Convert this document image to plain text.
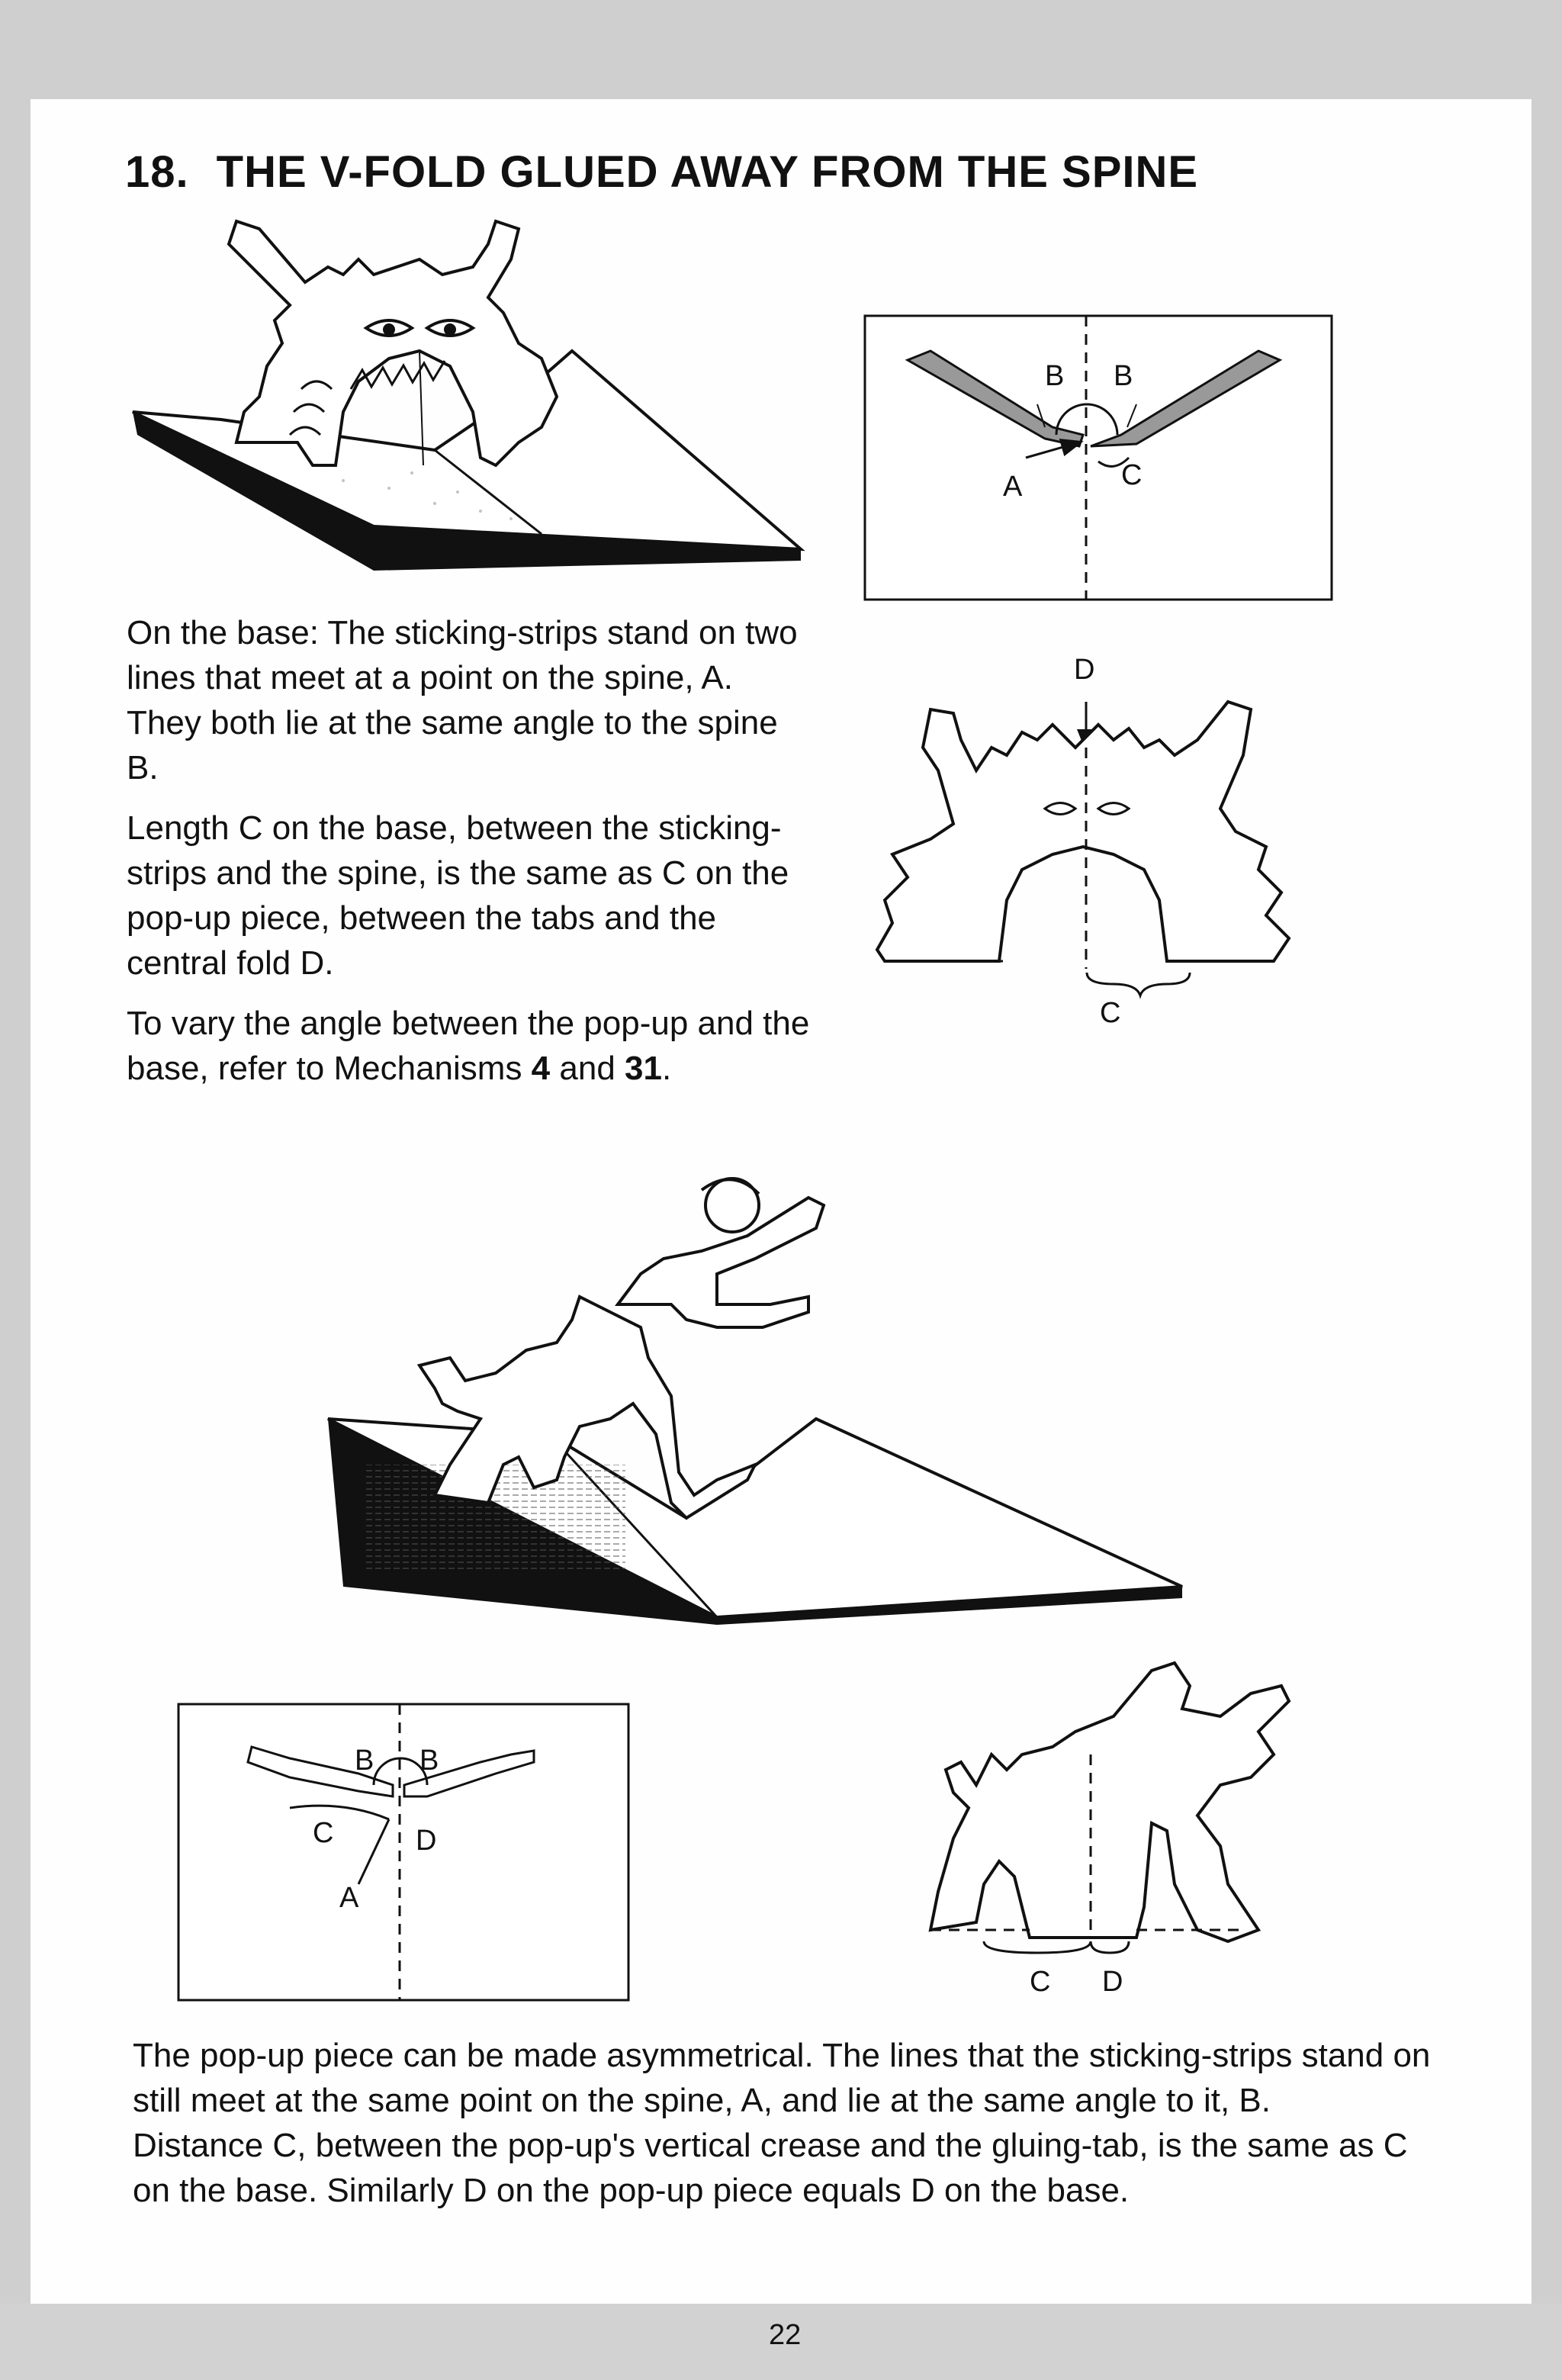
18. THE V-FOLD GLUED AWAY FROM THE SPINE
B B
A	C
D
C

On the base: The sticking-strips stand on two lines that meet at a point on the spine, A. They both lie at the same angle to the spine B.

Length C on the base, between the sticking-strips and the spine, is the same as C on the pop-up piece, between the tabs and the central fold D.

To vary the angle between the pop-up and the base, refer to Mechanisms 4 and 31.

B B
C	D
A
C D

The pop-up piece can be made asymmetrical. The lines that the sticking-strips stand on still meet at the same point on the spine, A, and lie at the same angle to it, B.

Distance C, between the pop-up's vertical crease and the gluing-tab, is the same as C on the base. Similarly D on the pop-up piece equals D on the base.

22
